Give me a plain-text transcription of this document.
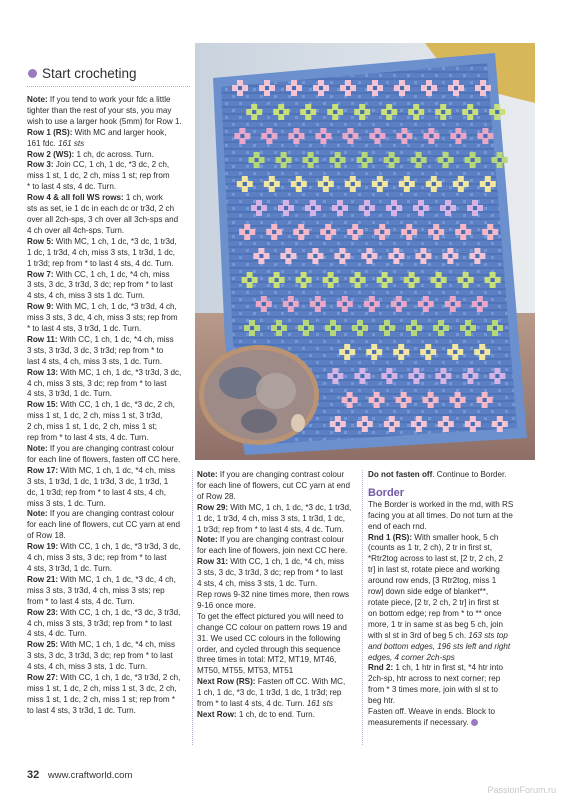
Start crocheting

Note: If you tend to work your fdc a little

tighter than the rest of your sts, you may

wish to use a larger hook (5mm) for Row 1.

Row 1 (RS): With MC and larger hook,

161 fdc. 161 sts

Row 2 (WS): 1 ch, dc across. Turn.

Row 3: Join CC, 1 ch, 1 dc, *3 dc, 2 ch,

miss 1 st, 1 dc, 2 ch, miss 1 st; rep from

* to last 4 sts, 4 dc. Turn.

Row 4 & all foll WS rows: 1 ch, work

sts as set, ie 1 dc in each dc or tr3d, 2 ch

over all 2ch-sps, 3 ch over all 3ch-sps and

4 ch over all 4ch-sps. Turn.

Row 5: With MC, 1 ch, 1 dc, *3 dc, 1 tr3d,

1 dc, 1 tr3d, 4 ch, miss 3 sts, 1 tr3d, 1 dc,

1 tr3d; rep from * to last 4 sts, 4 dc. Turn.

Row 7: With CC, 1 ch, 1 dc, *4 ch, miss

3 sts, 3 dc, 3 tr3d, 3 dc; rep from * to last

4 sts, 4 ch, miss 3 sts 1 dc. Turn.

Row 9: With MC, 1 ch, 1 dc, *3 tr3d, 4 ch,

miss 3 sts, 3 dc, 4 ch, miss 3 sts; rep from

* to last 4 sts, 3 tr3d, 1 dc. Turn.

Row 11: With CC, 1 ch, 1 dc, *4 ch, miss

3 sts, 3 tr3d, 3 dc, 3 tr3d; rep from * to

last 4 sts, 4 ch, miss 3 sts, 1 dc. Turn.

Row 13: With MC, 1 ch, 1 dc, *3 tr3d, 3 dc,

4 ch, miss 3 sts, 3 dc; rep from * to last

4 sts, 3 tr3d, 1 dc. Turn.

Row 15: With CC, 1 ch, 1 dc, *3 dc, 2 ch,

miss 1 st, 1 dc, 2 ch, miss 1 st, 3 tr3d,

2 ch, miss 1 st, 1 dc, 2 ch, miss 1 st;

rep from * to last 4 sts, 4 dc. Turn.

Note: If you are changing contrast colour

for each line of flowers, fasten off CC here.

Row 17: With MC, 1 ch, 1 dc, *4 ch, miss

3 sts, 1 tr3d, 1 dc, 1 tr3d, 3 dc, 1 tr3d, 1

dc, 1 tr3d; rep from * to last 4 sts, 4 ch,

miss 3 sts, 1 dc. Turn.

Note: If you are changing contrast colour

for each line of flowers, cut CC yarn at end

of Row 18.

Row 19: With CC, 1 ch, 1 dc, *3 tr3d, 3 dc,

4 ch, miss 3 sts, 3 dc; rep from * to last

4 sts, 3 tr3d, 1 dc. Turn.

Row 21: With MC, 1 ch, 1 dc, *3 dc, 4 ch,

miss 3 sts, 3 tr3d, 4 ch, miss 3 sts; rep

from * to last 4 sts, 4 dc. Turn.

Row 23: With CC, 1 ch, 1 dc, *3 dc, 3 tr3d,

4 ch, miss 3 sts, 3 tr3d; rep from * to last

4 sts, 4 dc. Turn.

Row 25: With MC, 1 ch, 1 dc, *4 ch, miss

3 sts, 3 dc, 3 tr3d, 3 dc; rep from * to last

4 sts, 4 ch, miss 3 sts, 1 dc. Turn.

Row 27: With CC, 1 ch, 1 dc, *3 tr3d, 2 ch,

miss 1 st, 1 dc, 2 ch, miss 1 st, 3 dc, 2 ch,

miss 1 st, 1 dc, 2 ch, miss 1 st; rep from *

to last 4 sts, 3 tr3d, 1 dc. Turn.

Note: If you are changing contrast colour

for each line of flowers, cut CC yarn at end

of Row 28.

Row 29: With MC, 1 ch, 1 dc, *3 dc, 1 tr3d,

1 dc, 1 tr3d, 4 ch, miss 3 sts, 1 tr3d, 1 dc,

1 tr3d; rep from * to last 4 sts, 4 dc. Turn.

Note: If you are changing contrast colour

for each line of flowers, join next CC here.

Row 31: With CC, 1 ch, 1 dc, *4 ch, miss

3 sts, 3 dc, 3 tr3d, 3 dc; rep from * to last

4 sts, 4 ch, miss 3 sts, 1 dc. Turn.

Rep rows 9-32 nine times more, then rows

9-16 once more.

To get the effect pictured you will need to

change CC colour on pattern rows 19 and

31. We used CC colours in the following

order, and cycled through this sequence

three times in total: MT2, MT19, MT46,

MT50, MT55, MT53, MT51

Next Row (RS): Fasten off CC. With MC,

1 ch, 1 dc, *3 dc, 1 tr3d, 1 dc, 1 tr3d; rep

from * to last 4 sts, 4 dc. Turn. 161 sts

Next Row: 1 ch, dc to end. Turn.

Do not fasten off. Continue to Border.

Border

The Border is worked in the rnd, with RS

facing you at all times. Do not turn at the

end of each rnd.

Rnd 1 (RS): With smaller hook, 5 ch

(counts as 1 tr, 2 ch), 2 tr in first st,

*Rtr2tog across to last st, [2 tr, 2 ch, 2

tr] in last st, rotate piece and working

around row ends, [3 Rtr2tog, miss 1

row] down side edge of blanket**,

rotate piece, [2 tr, 2 ch, 2 tr] in first st

on bottom edge; rep from * to ** once

more, 1 tr in same st as beg 5 ch, join

with sl st in 3rd of beg 5 ch. 163 sts top

and bottom edges, 196 sts left and right

edges, 4 corner 2ch-sps

Rnd 2: 1 ch, 1 htr in first st, *4 htr into

2ch-sp, htr across to next corner; rep

from * 3 times more, join with sl st to

beg htr.

Fasten off. Weave in ends. Block to

measurements if necessary.

32 www.craftworld.com
PassionForum.ru
